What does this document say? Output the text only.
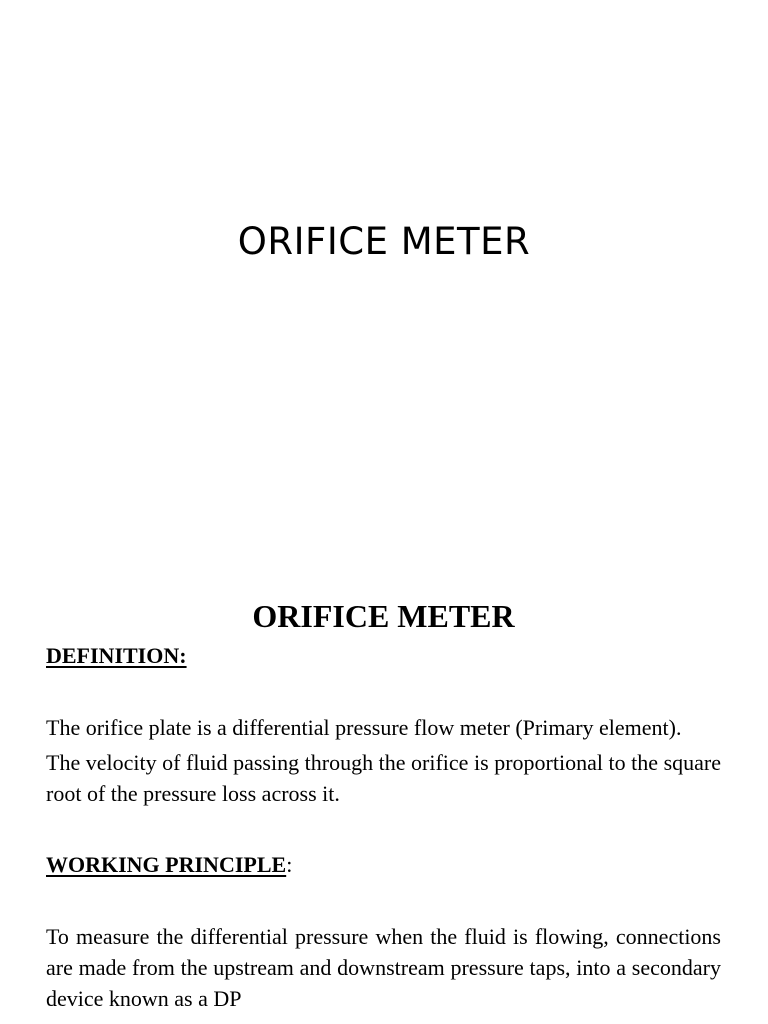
ORIFICE METER
ORIFICE METER

DEFINITION:

The orifice plate is a differential pressure flow meter (Primary element).

The velocity of fluid passing through the orifice is proportional to the square root of the pressure loss across it.

WORKING PRINCIPLE:

To measure the differential pressure when the fluid is flowing, connections are made from the upstream and downstream pressure taps, into a secondary device known as a DP
